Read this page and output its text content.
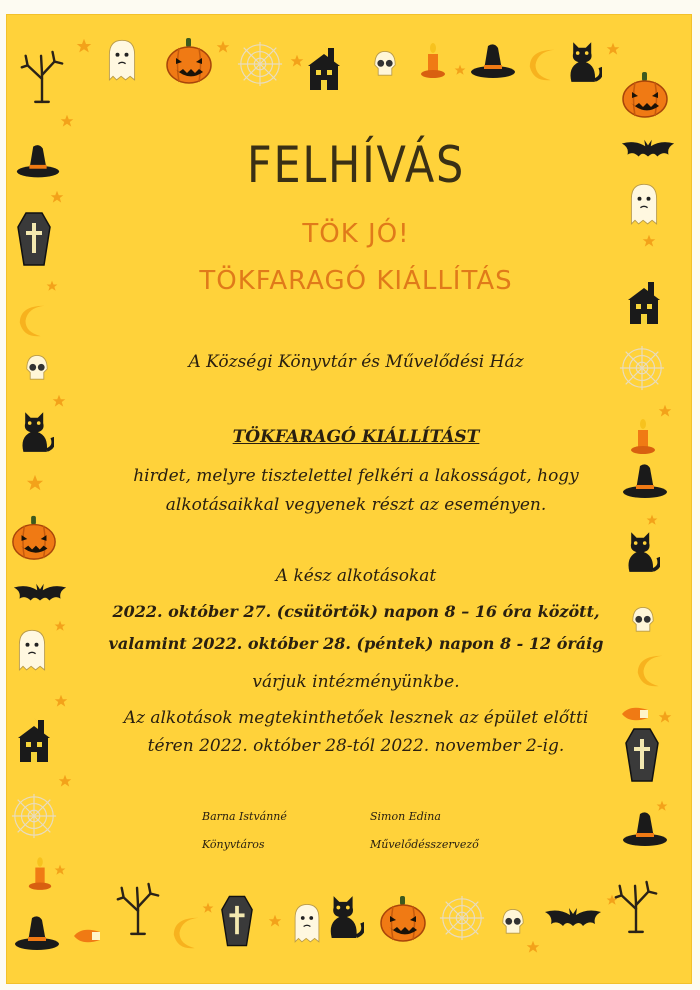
FELHÍVÁS
TÖK JÓ!
TÖKFARAGÓ KIÁLLÍTÁS
A Községi Könyvtár és Művelődési Ház
TÖKFARAGÓ KIÁLLÍTÁST
hirdet, melyre tisztelettel felkéri a lakosságot, hogy
alkotásaikkal vegyenek részt az eseményen.
A kész alkotásokat
2022. október 27. (csütörtök) napon 8 – 16 óra között,
valamint 2022. október 28. (péntek) napon 8 - 12 óráig
várjuk intézményünkbe.
Az alkotások megtekinthetőek lesznek az épület előtti
téren 2022. október 28-tól 2022. november 2-ig.
Barna Istvánné
Könyvtáros
Simon Edina
Művelődésszervező
